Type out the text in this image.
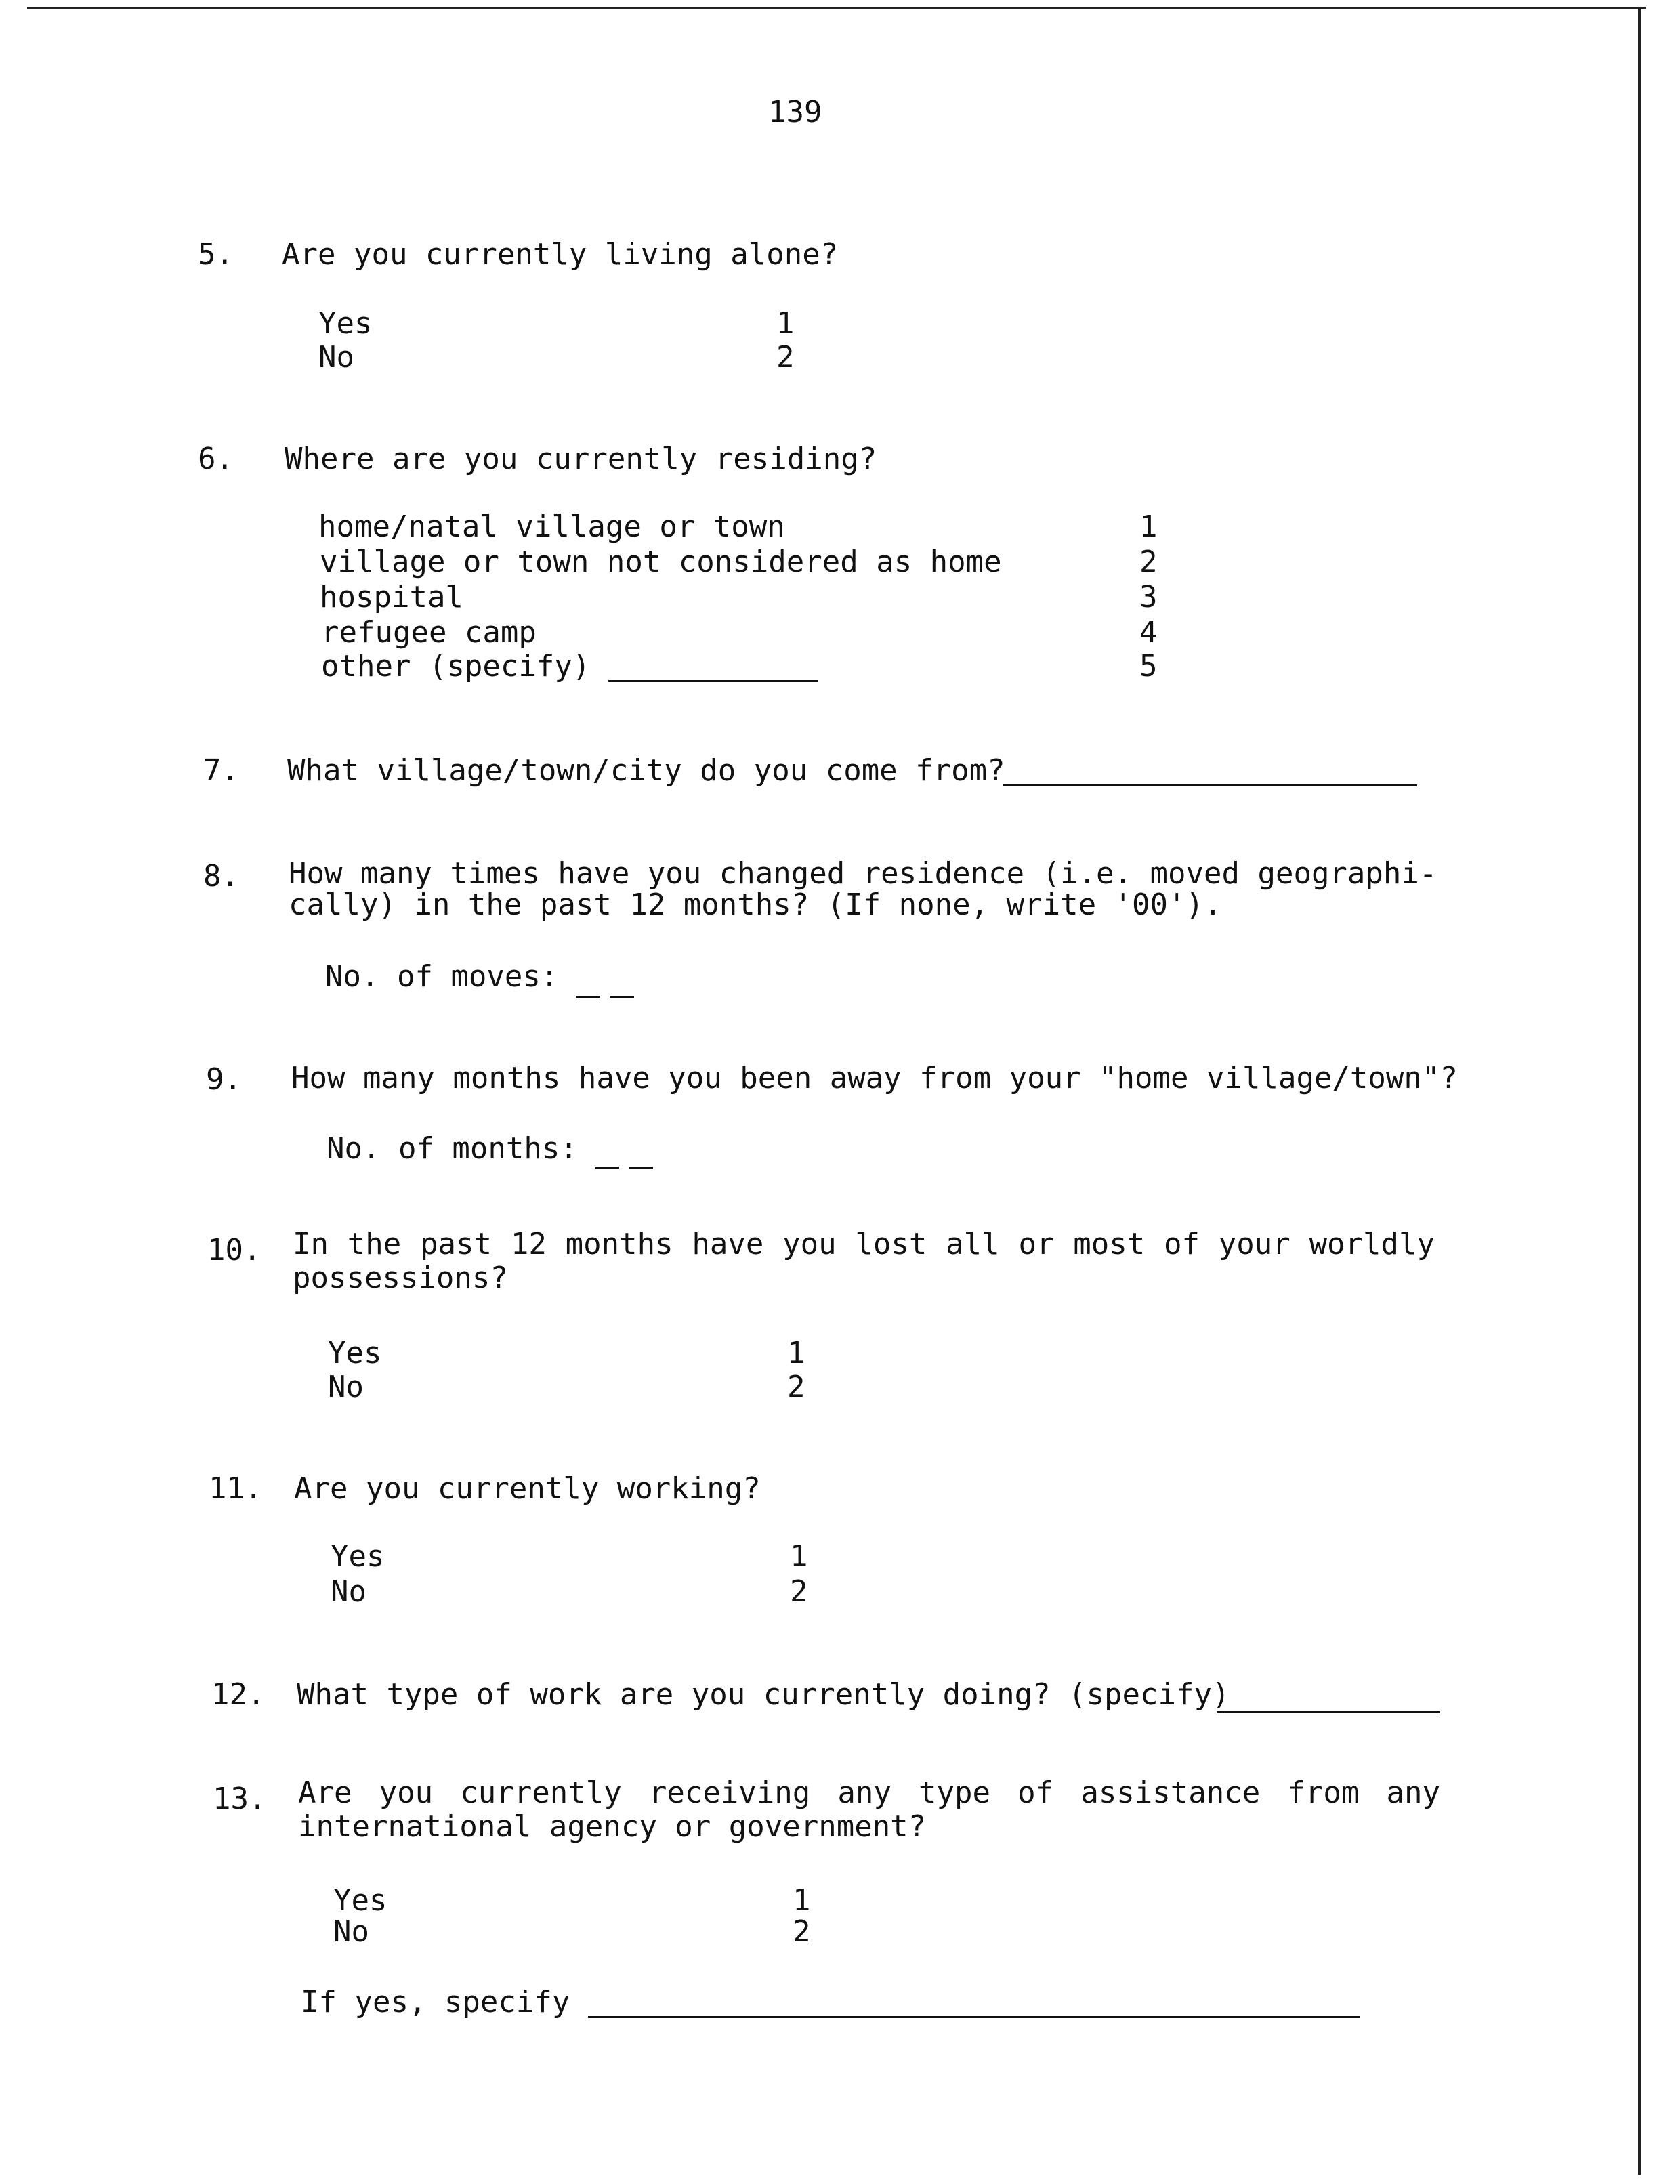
139
5. Are you currently living alone?
Yes	1
No	2
6. Where are you currently residing?
home/natal village or town	1
village or town not considered as home	2
hospital	3
refugee camp	4
other (specify)	5
7. What village/town/city do you come from?
8. How many times have you changed residence (i.e. moved geographi-
cally) in the past 12 months? (If none, write '00').
No. of moves:
9. How many months have you been away from your "home village/town"?
No. of months:
10. In the past 12 months have you lost all or most of your worldly possessions?
Yes	1
No	2
11. Are you currently working?
Yes	1
No	2
12. What type of work are you currently doing? (specify)
13. Are you currently receiving any type of assistance from any international agency or government?
Yes	1
No	2
If yes, specify
